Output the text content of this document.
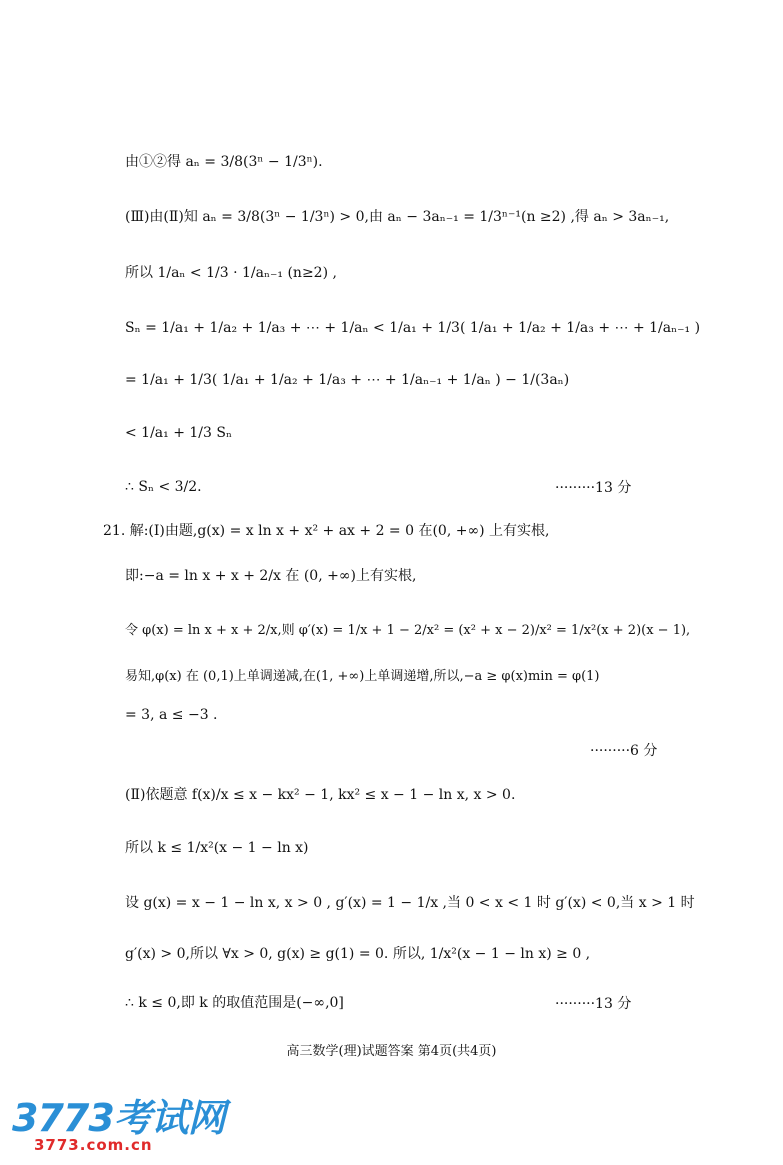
由①②得 aₙ = 3/8(3ⁿ − 1/3ⁿ).
(Ⅲ)由(Ⅱ)知 aₙ = 3/8(3ⁿ − 1/3ⁿ) > 0,由 aₙ − 3aₙ₋₁ = 1/3ⁿ⁻¹(n ≥2) ,得 aₙ > 3aₙ₋₁,
所以 1/aₙ < 1/3 · 1/aₙ₋₁ (n≥2) ,
Sₙ = 1/a₁ + 1/a₂ + 1/a₃ + ⋯ + 1/aₙ < 1/a₁ + 1/3( 1/a₁ + 1/a₂ + 1/a₃ + ⋯ + 1/aₙ₋₁ )
= 1/a₁ + 1/3( 1/a₁ + 1/a₂ + 1/a₃ + ⋯ + 1/aₙ₋₁ + 1/aₙ ) − 1/(3aₙ)
< 1/a₁ + 1/3 Sₙ
∴ Sₙ < 3/2.	·········13 分
21. 解:(Ⅰ)由题,g(x) = x ln x + x² + ax + 2 = 0 在(0, +∞) 上有实根,
即:−a = ln x + x + 2/x 在 (0, +∞)上有实根,
令 φ(x) = ln x + x + 2/x,则 φ′(x) = 1/x + 1 − 2/x² = (x² + x − 2)/x² = 1/x²(x + 2)(x − 1),
易知,φ(x) 在 (0,1)上单调递减,在(1, +∞)上单调递增,所以,−a ≥ φ(x)min = φ(1)
= 3, a ≤ −3 .
·········6 分
(Ⅱ)依题意 f(x)/x ≤ x − kx² − 1, kx² ≤ x − 1 − ln x, x > 0.
所以 k ≤ 1/x²(x − 1 − ln x)
设 g(x) = x − 1 − ln x, x > 0 , g′(x) = 1 − 1/x ,当 0 < x < 1 时 g′(x) < 0,当 x > 1 时
g′(x) > 0,所以 ∀x > 0, g(x) ≥ g(1) = 0. 所以, 1/x²(x − 1 − ln x) ≥ 0 ,
∴ k ≤ 0,即 k 的取值范围是(−∞,0]	·········13 分
高三数学(理)试题答案 第4页(共4页)
3773考试网
3773.com.cn
